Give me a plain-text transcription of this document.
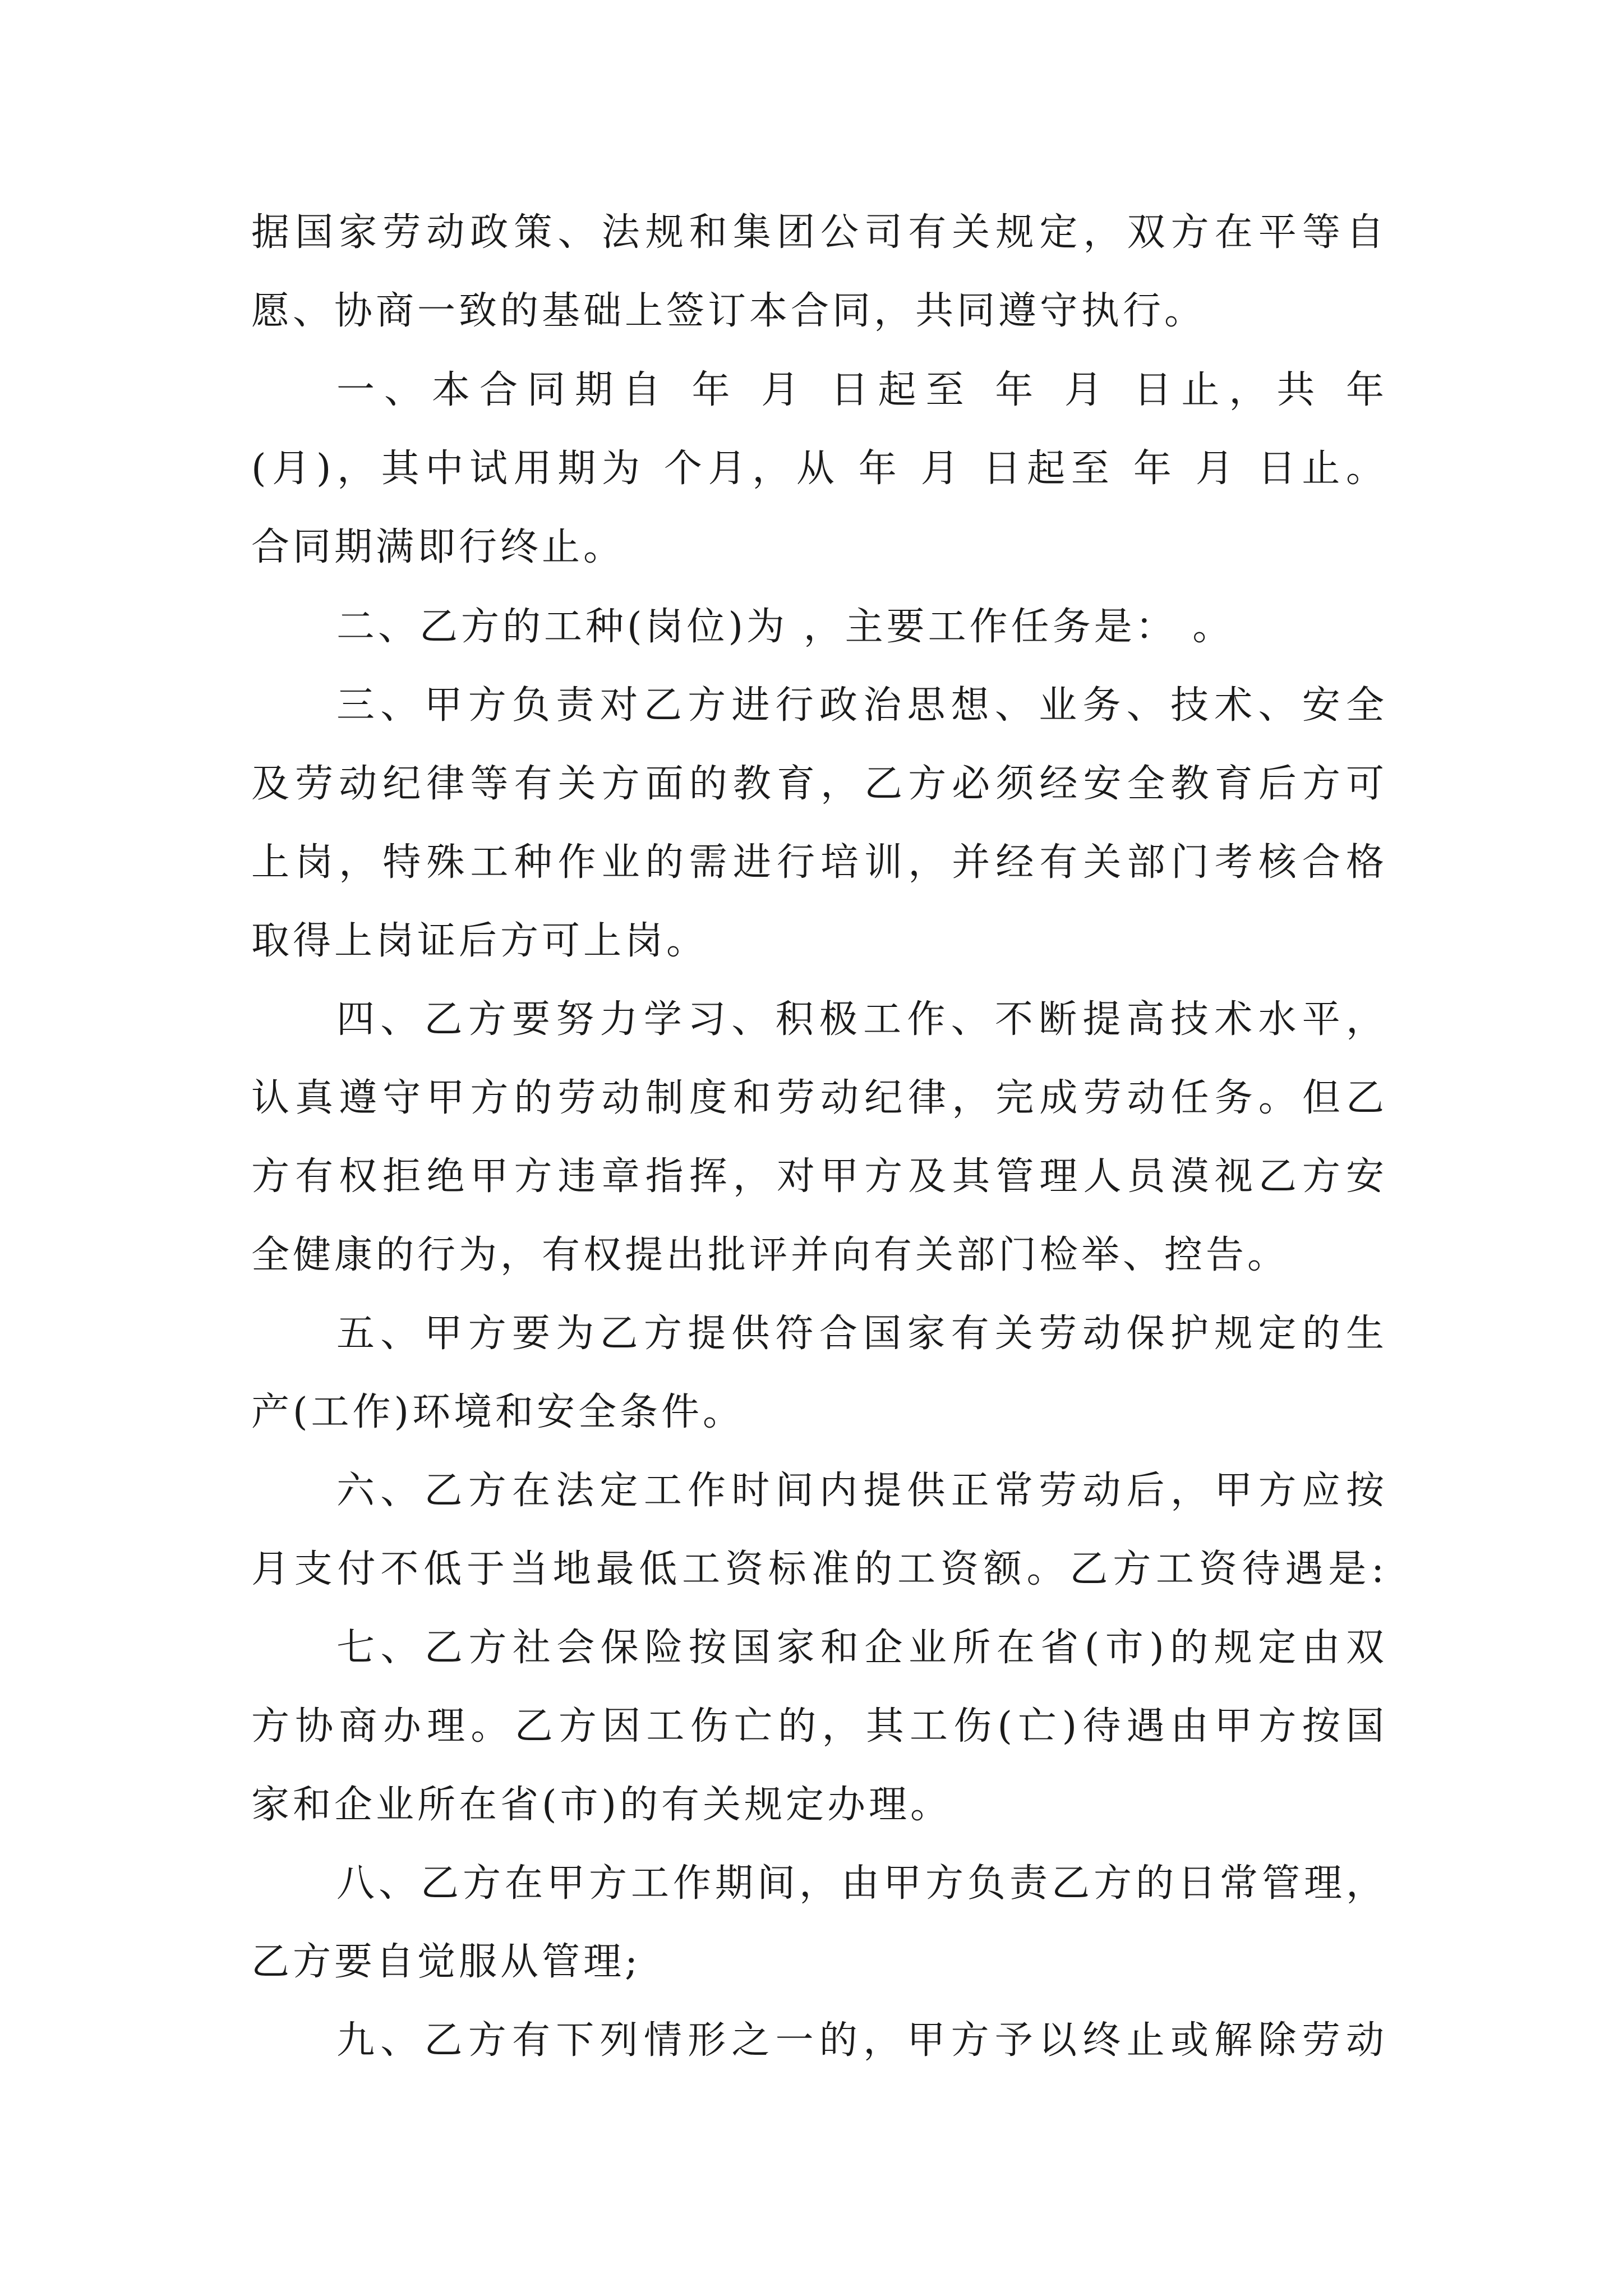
据国家劳动政策、法规和集团公司有关规定，双方在平等自
愿、协商一致的基础上签订本合同，共同遵守执行。
一、本合同期自 年 月 日起至 年 月 日止，共 年
(月)，其中试用期为 个月，从 年 月 日起至 年 月 日止。
合同期满即行终止。
二、乙方的工种(岗位)为 ，主要工作任务是： 。
三、甲方负责对乙方进行政治思想、业务、技术、安全
及劳动纪律等有关方面的教育，乙方必须经安全教育后方可
上岗，特殊工种作业的需进行培训，并经有关部门考核合格
取得上岗证后方可上岗。
四、乙方要努力学习、积极工作、不断提高技术水平，
认真遵守甲方的劳动制度和劳动纪律，完成劳动任务。但乙
方有权拒绝甲方违章指挥，对甲方及其管理人员漠视乙方安
全健康的行为，有权提出批评并向有关部门检举、控告。
五、甲方要为乙方提供符合国家有关劳动保护规定的生
产(工作)环境和安全条件。
六、乙方在法定工作时间内提供正常劳动后，甲方应按
月支付不低于当地最低工资标准的工资额。乙方工资待遇是:
七、乙方社会保险按国家和企业所在省(市)的规定由双
方协商办理。乙方因工伤亡的，其工伤(亡)待遇由甲方按国
家和企业所在省(市)的有关规定办理。
八、乙方在甲方工作期间，由甲方负责乙方的日常管理，
乙方要自觉服从管理;
九、乙方有下列情形之一的，甲方予以终止或解除劳动
